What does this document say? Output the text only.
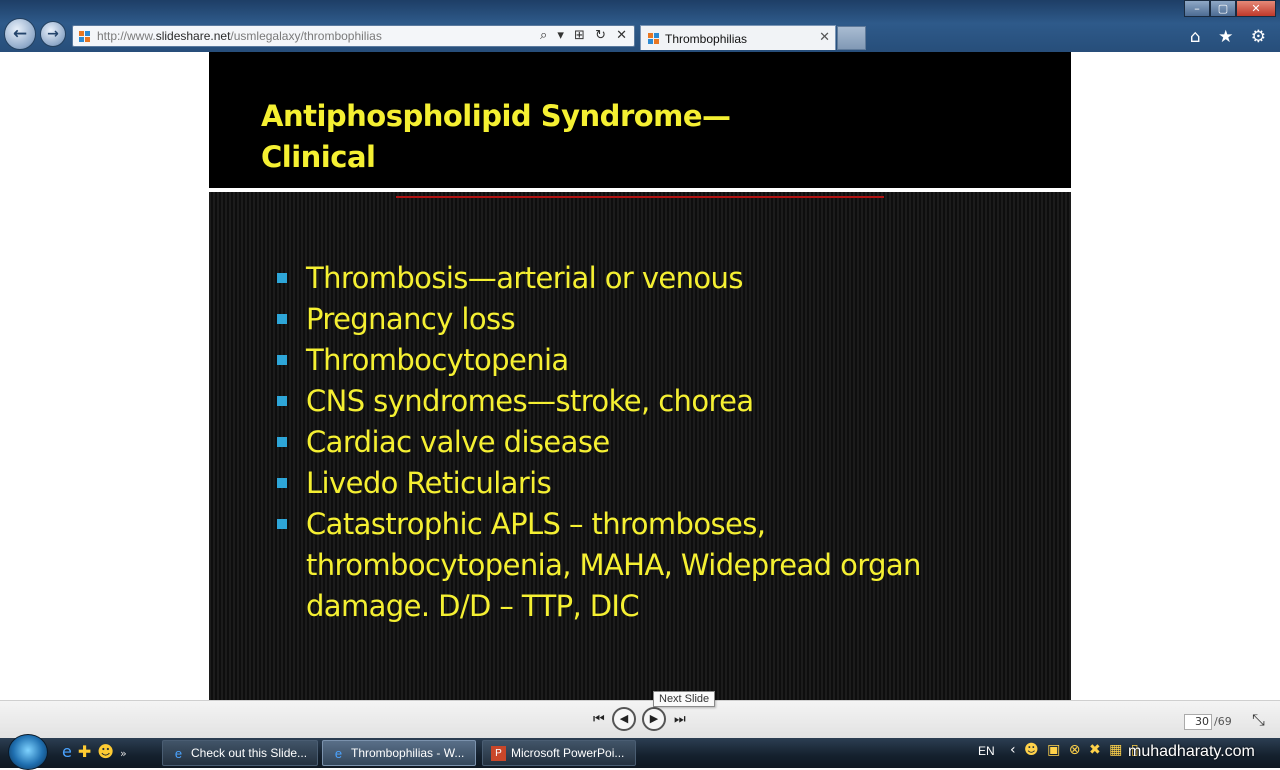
←	→	http://www.slideshare.net/usmlegalaxy/thrombophilias	⌕ ▾ ⊞ ↻ ✕	Thrombophilias	✕
–	▢	✕
⌂ ★ ⚙
Antiphospholipid Syndrome—
Clinical
Thrombosis—arterial or venous
Pregnancy loss
Thrombocytopenia
CNS syndromes—stroke, chorea
Cardiac valve disease
Livedo Reticularis
Catastrophic APLS – thromboses, thrombocytopenia, MAHA, Widepread organ damage. D/D – TTP, DIC
⏮	◀	▶	⏭	30 /69 ⤡
Next Slide
e✚☻»	e Check out this Slide... e Thrombophilias - W...	P Microsoft PowerPoi...	EN ‹ ☻ ▣ ⊗ ✖ ▦ ▯
muhadharaty.com
